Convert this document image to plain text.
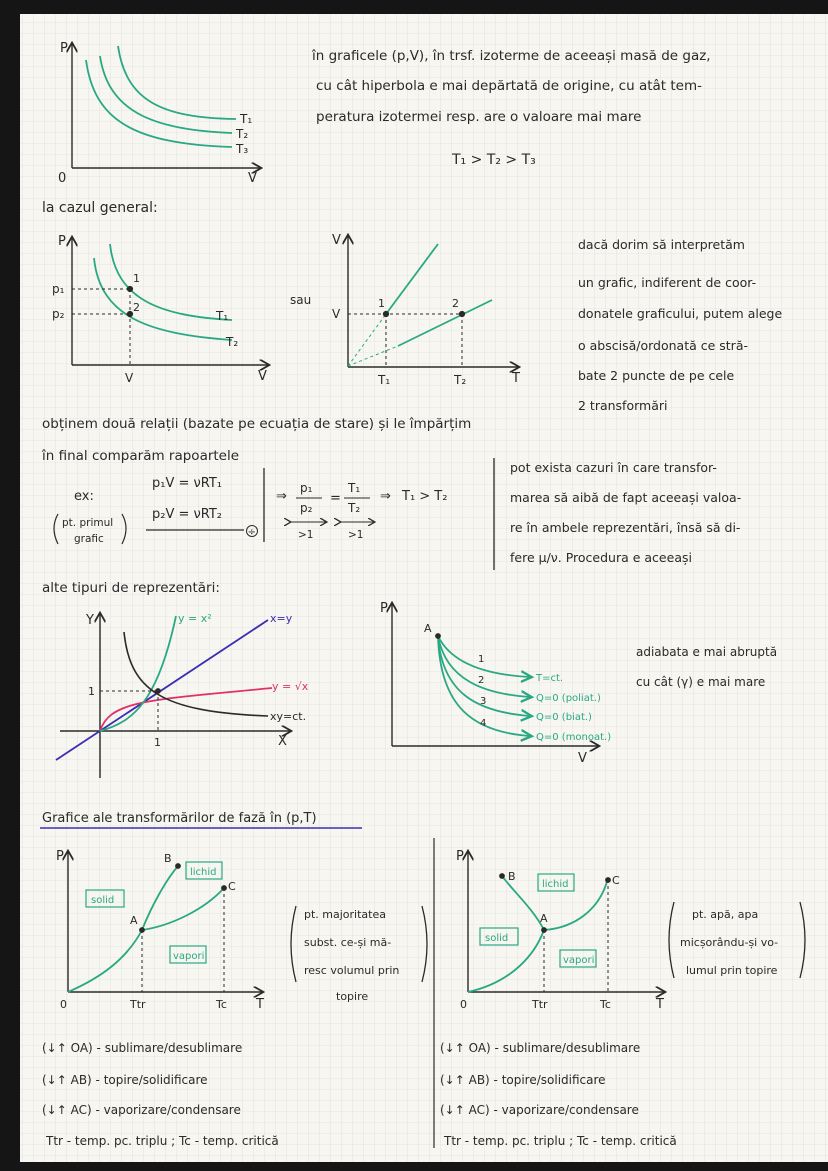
P
V
0
T₁
T₂
T₃
în graficele (p,V), în trsf. izoterme de aceeași masă de gaz,
cu cât hiperbola e mai depărtată de origine, cu atât tem-
peratura izotermei resp. are o valoare mai mare
T₁ > T₂ > T₃
la cazul general:
P
V
p₁
p₂
1
2
V
T₁
T₂
sau
V
T
V
1	2
T₁	T₂
dacă dorim să interpretăm
un grafic, indiferent de coor-
donatele graficului, putem alege
o abscisă/ordonată ce stră-
bate 2 puncte de pe cele
2 transformări
obținem două relații (bazate pe ecuația de stare) și le împărțim
în final comparăm rapoartele
ex:
pt. primul
grafic
p₁V = νRT₁
p₂V = νRT₂
÷
⇒
p₁
p₂
=
T₁
T₂
⇒ T₁ > T₂
>1	>1
pot exista cazuri în care transfor-
marea să aibă de fapt aceeași valoa-
re în ambele reprezentări, însă să di-
fere μ/ν. Procedura e aceeași
alte tipuri de reprezentări:
Y
X
1
1
y = x²	x=y
y = √x
xy=ct.
P
V
A
1
2
3
4
T=ct.
Q=0 (poliat.)
Q=0 (biat.)
Q=0 (monoat.)
adiabata e mai abruptă
cu cât (γ) e mai mare
Grafice ale transformărilor de fază în (p,T)
P
T
0
A
B
C
solid
lichid
vapori
Ttr	Tc
pt. majoritatea
subst. ce-și mă-
resc volumul prin
topire
P
T
0
A
B	C
solid
lichid
vapori
Ttr	Tc
pt. apă, apa
micșorându-și vo-
lumul prin topire
(↓↑ OA) - sublimare/desublimare
(↓↑ AB) - topire/solidificare
(↓↑ AC) - vaporizare/condensare
Ttr - temp. pc. triplu ; Tc - temp. critică
(↓↑ OA) - sublimare/desublimare
(↓↑ AB) - topire/solidificare
(↓↑ AC) - vaporizare/condensare
Ttr - temp. pc. triplu ; Tc - temp. critică
